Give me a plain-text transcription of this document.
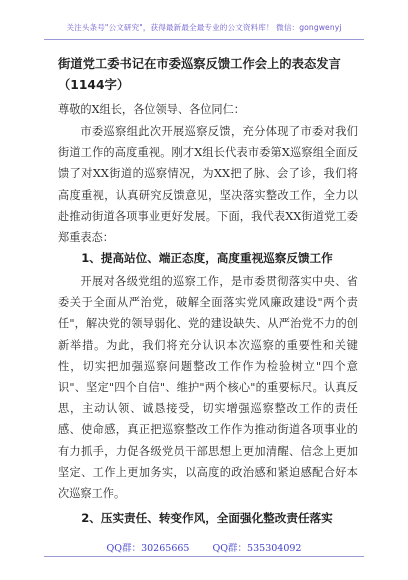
关注头条号"公文研究"，获得最新最全最专业的公文资料库！ 微信：gongwenyj
街道党工委书记在市委巡察反馈工作会上的表态发言
（1144字）
尊敬的X组长，各位领导、各位同仁：
市委巡察组此次开展巡察反馈，充分体现了市委对我们街道工作的高度重视。刚才X组长代表市委第X巡察组全面反馈了对XX街道的巡察情况，为XX把了脉、会了诊，我们将高度重视，认真研究反馈意见，坚决落实整改工作，全力以赴推动街道各项事业更好发展。下面，我代表XX街道党工委郑重表态：
1、提高站位、端正态度，高度重视巡察反馈工作
开展对各级党组的巡察工作，是市委贯彻落实中央、省委关于全面从严治党，破解全面落实党风廉政建设"两个责任"，解决党的领导弱化、党的建设缺失、从严治党不力的创新举措。为此，我们将充分认识本次巡察的重要性和关键性，切实把加强巡察问题整改工作作为检验树立"四个意识"、坚定"四个自信"、维护"两个核心"的重要标尺。认真反思，主动认领、诚恳接受，切实增强巡察整改工作的责任感、使命感，真正把巡察整改工作作为推动街道各项事业的有力抓手，力促各级党员干部思想上更加清醒、信念上更加坚定、工作上更加务实，以高度的政治感和紧迫感配合好本次巡察工作。
2、压实责任、转变作风，全面强化整改责任落实
QQ群：30265665 QQ群：535304092
